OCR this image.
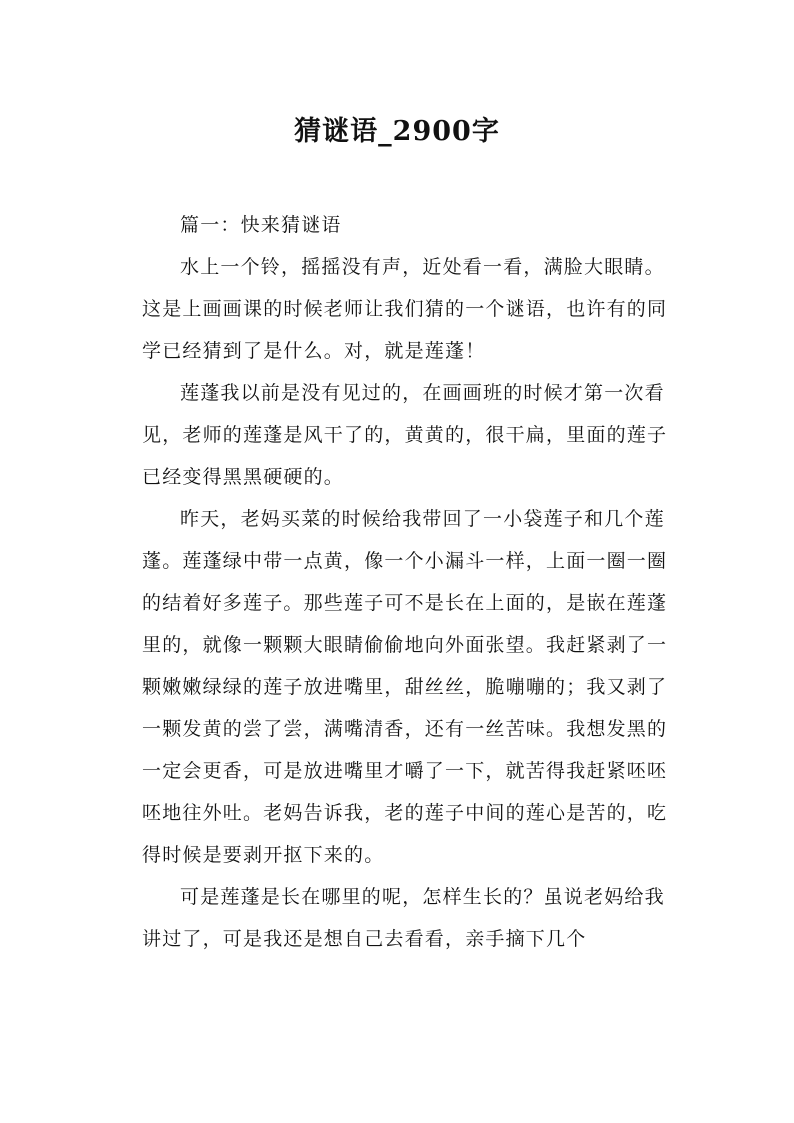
猜谜语_2900字

篇一：快来猜谜语

水上一个铃，摇摇没有声，近处看一看，满脸大眼睛。这是上画画课的时候老师让我们猜的一个谜语，也许有的同学已经猜到了是什么。对，就是莲蓬！

莲蓬我以前是没有见过的，在画画班的时候才第一次看见，老师的莲蓬是风干了的，黄黄的，很干扁，里面的莲子已经变得黑黑硬硬的。

昨天，老妈买菜的时候给我带回了一小袋莲子和几个莲蓬。莲蓬绿中带一点黄，像一个小漏斗一样，上面一圈一圈的结着好多莲子。那些莲子可不是长在上面的，是嵌在莲蓬里的，就像一颗颗大眼睛偷偷地向外面张望。我赶紧剥了一颗嫩嫩绿绿的莲子放进嘴里，甜丝丝，脆嘣嘣的；我又剥了一颗发黄的尝了尝，满嘴清香，还有一丝苦味。我想发黑的一定会更香，可是放进嘴里才嚼了一下，就苦得我赶紧呸呸呸地往外吐。老妈告诉我，老的莲子中间的莲心是苦的，吃得时候是要剥开抠下来的。

可是莲蓬是长在哪里的呢，怎样生长的？虽说老妈给我讲过了，可是我还是想自己去看看，亲手摘下几个
